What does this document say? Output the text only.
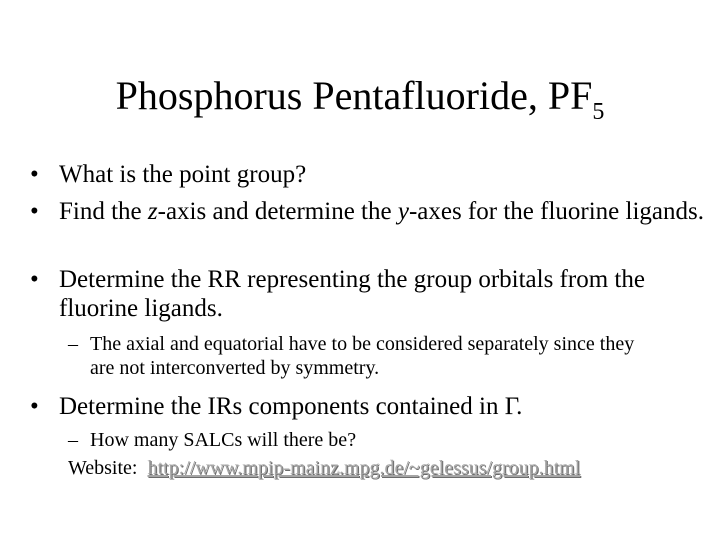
Phosphorus Pentafluoride, $PF_5$
• What is the point group?
• Find the z-axis and determine the y-axes for the fluorine ligands.
• Determine the RR representing the group orbitals from the fluorine ligands.
– The axial and equatorial have to be considered separately since they are not interconverted by symmetry.
• Determine the IRs components contained in Γ.
– How many SALCs will there be?
Website: http://www.mpip-mainz.mpg.de/~gelessus/group.html
